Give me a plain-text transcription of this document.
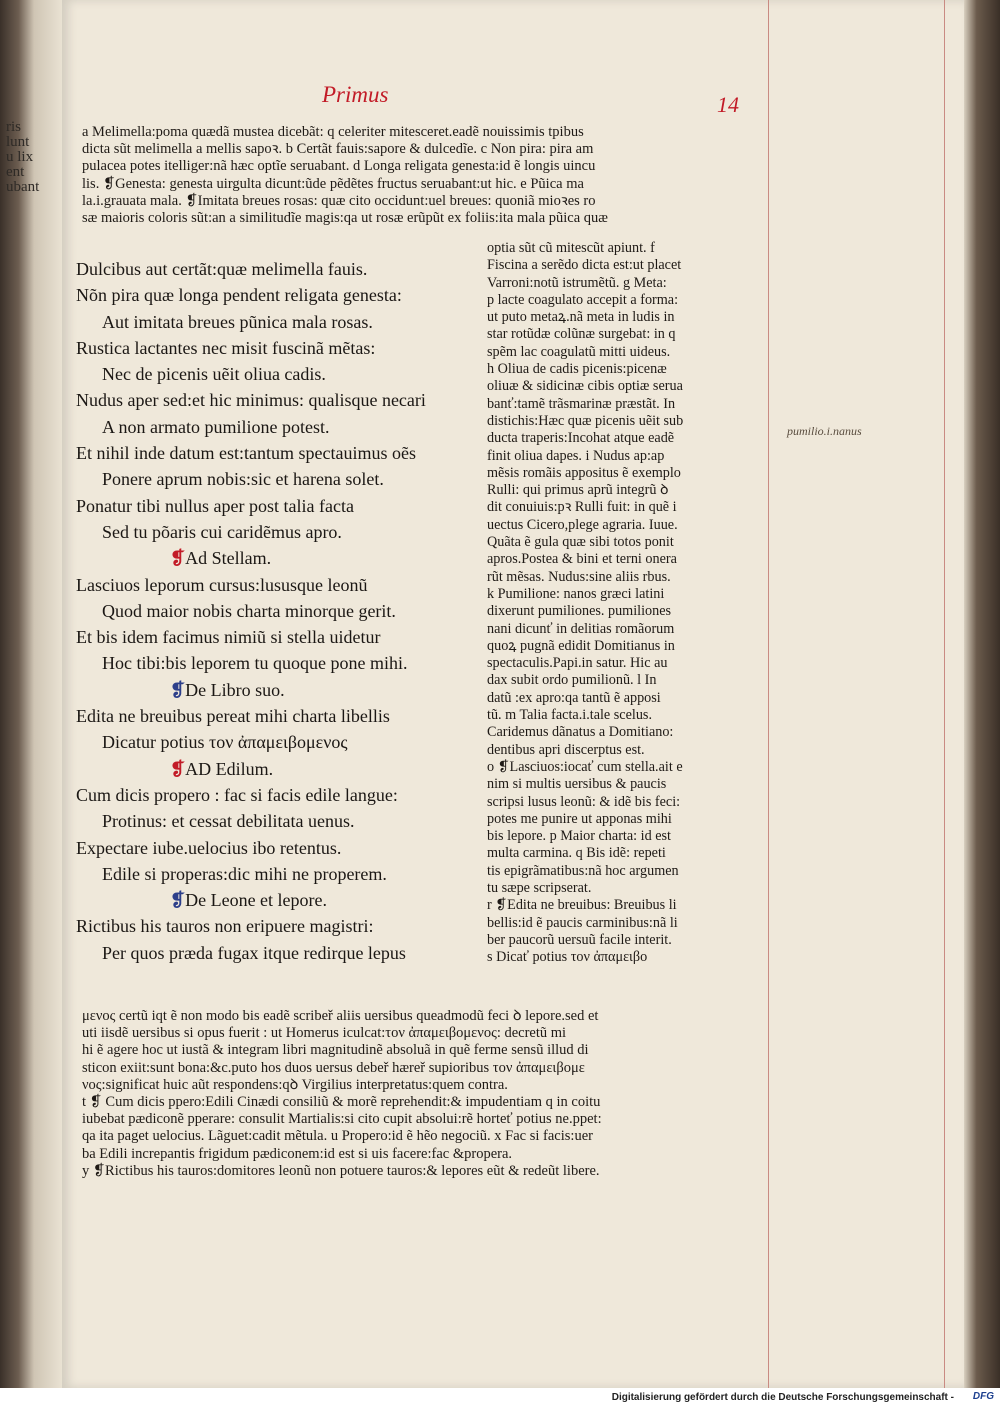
ris
lunt
u lix
ent
ubant
Primus	14
a Melimella:poma quædã mustea dicebãt: q celeriter mitesceret.eadẽ nouissimis tpibus
dicta sũt melimella a mellis sapoꝛ. b Certãt fauis:sapore & dulcedĩe. c Non pira: pira am
pulacea potes itelliger:nã hæc optĩe seruabant. d Longa religata genesta:id ẽ longis uincu
lis. ❡Genesta: genesta uirgulta dicunt:ũde pẽdẽtes fructus seruabant:ut hic. e Pũica ma
la.i.grauata mala. ❡Imitata breues rosas: quæ cito occidunt:uel breues: quoniã mioꝛes ro
sæ maioris coloris sũt:an a similitudĩe magis:qa ut rosæ erũpũt ex foliis:ita mala pũica quæ
Dulcibus aut certãt:quæ melimella fauis.
Nõn pira quæ longa pendent religata genesta:
Aut imitata breues pũnica mala rosas.
Rustica lactantes nec misit fuscinã mẽtas:
Nec de picenis uẽit oliua cadis.
Nudus aper sed:et hic minimus: qualisque necari
A non armato pumilione potest.
Et nihil inde datum est:tantum spectauimus oẽs
Ponere aprum nobis:sic et harena solet.
Ponatur tibi nullus aper post talia facta
Sed tu põaris cui caridẽmus apro.
❡Ad Stellam.
Lasciuos leporum cursus:lususque leonũ
Quod maior nobis charta minorque gerit.
Et bis idem facimus nimiũ si stella uidetur
Hoc tibi:bis leporem tu quoque pone mihi.
❡De Libro suo.
Edita ne breuibus pereat mihi charta libellis
Dicatur potius τον ἀπαμειβομενος
❡AD Edilum.
Cum dicis propero : fac si facis edile langue:
Protinus: et cessat debilitata uenus.
Expectare iube.uelocius ibo retentus.
Edile si properas:dic mihi ne properem.
❡De Leone et lepore.
Rictibus his tauros non eripuere magistri:
Per quos præda fugax itque redirque lepus
optia sũt cũ mitescũt apiunt. f
Fiscina a serẽdo dicta est:ut placet
Varroni:notũ istrumẽtũ. g Meta:
p lacte coagulato accepit a forma:
ut puto metaꝝ.nã meta in ludis in
star rotũdæ colũnæ surgebat: in q
spẽm lac coagulatũ mitti uideus.
h Oliua de cadis picenis:picenæ
oliuæ & sidicinæ cibis optiæ serua
banť:tamẽ trãsmarinæ præstãt. In
distichis:Hæc quæ picenis uẽit sub
ducta traperis:Incohat atque eadẽ
finit oliua dapes. i Nudus ap:ap
mẽsis romãis appositus ẽ exemplo
Rulli: qui primus aprũ integrũ ꝺ
dit conuiuis:pꝛ Rulli fuit: in quẽ i
uectus Cicero,plege agraria. Iuue.
Quãta ẽ gula quæ sibi totos ponit
apros.Postea & bini et terni onera
rũt mẽsas. Nudus:sine aliis rbus.
k Pumilione: nanos græci latini
dixerunt pumiliones. pumiliones
nani dicunť in delitias romãorum
quoꝝ pugnã edidit Domitianus in
spectaculis.Papi.in satur. Hic au
dax subit ordo pumilionũ. l In
datũ :ex apro:qa tantũ ẽ apposi
tũ. m Talia facta.i.tale scelus.
Caridemus dãnatus a Domitiano:
dentibus apri discerptus est.
o ❡Lasciuos:iocať cum stella.ait e
nim si multis uersibus & paucis
scripsi lusus leonũ: & idẽ bis feci:
potes me punire ut apponas mihi
bis lepore. p Maior charta: id est
multa carmina. q Bis idẽ: repeti
tis epigrãmatibus:nã hoc argumen
tu sæpe scripserat.
r ❡Edita ne breuibus: Breuibus li
bellis:id ẽ paucis carminibus:nã li
ber paucorũ uersuũ facile interit.
s Dicať potius τον ἀπαμειβο
μενος certũ iqt ẽ non modo bis eadẽ scribeř aliis uersibus queadmodũ feci ꝺ lepore.sed et
uti iisdẽ uersibus si opus fuerit : ut Homerus iculcat:τον ἀπαμειβομενος: decretũ mi
hi ẽ agere hoc ut iustã & integram libri magnitudinẽ absoluã in quẽ ferme sensũ illud di
sticon exiit:sunt bona:&c.puto hos duos uersus debeř hæreř supioribus τον ἀπαμειβομε
νος:significat huic aũt respondens:qꝺ Virgilius interpretatus:quem contra.
t ❡ Cum dicis ppero:Edili Cinædi consiliũ & morẽ reprehendit:& impudentiam q in coitu
iubebat pædiconẽ pperare: consulit Martialis:si cito cupit absolui:rẽ horteť potius ne.ppet:
qa ita paget uelocius. Lãguet:cadit mẽtula. u Propero:id ẽ hẽo negociũ. x Fac si facis:uer
ba Edili increpantis frigidum pædiconem:id est si uis facere:fac &propera.
y ❡Rictibus his tauros:domitores leonũ non potuere tauros:& lepores eũt & redeũt libere.
pumilio.i.nanus
Digitalisierung gefördert durch die Deutsche Forschungsgemeinschaft - DFG
